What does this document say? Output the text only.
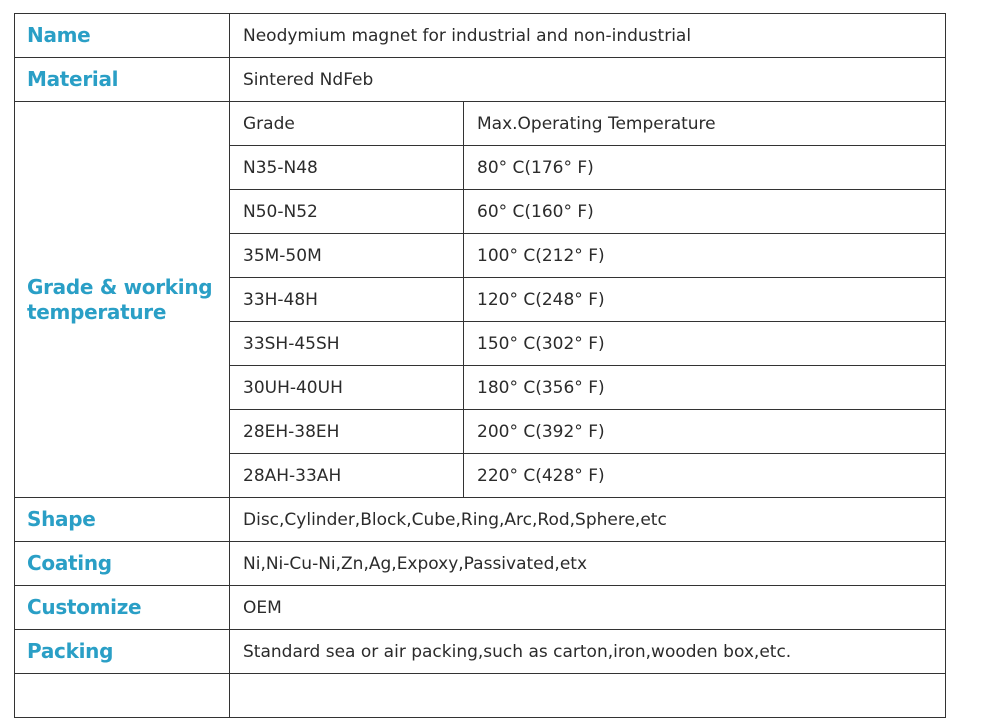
Name	Neodymium magnet for industrial and non-industrial	
Material	Sintered NdFeb	
Grade & working temperature	Grade	Max.Operating Temperature
	N35-N48	80° C(176° F)
	N50-N52	60° C(160° F)
	35M-50M	100° C(212° F)
	33H-48H	120° C(248° F)
	33SH-45SH	150° C(302° F)
	30UH-40UH	180° C(356° F)
	28EH-38EH	200° C(392° F)
	28AH-33AH	220° C(428° F)
Shape	Disc,Cylinder,Block,Cube,Ring,Arc,Rod,Sphere,etc	
Coating	Ni,Ni-Cu-Ni,Zn,Ag,Expoxy,Passivated,etx	
Customize	OEM	
Packing	Standard sea or air packing,such as carton,iron,wooden box,etc.	
